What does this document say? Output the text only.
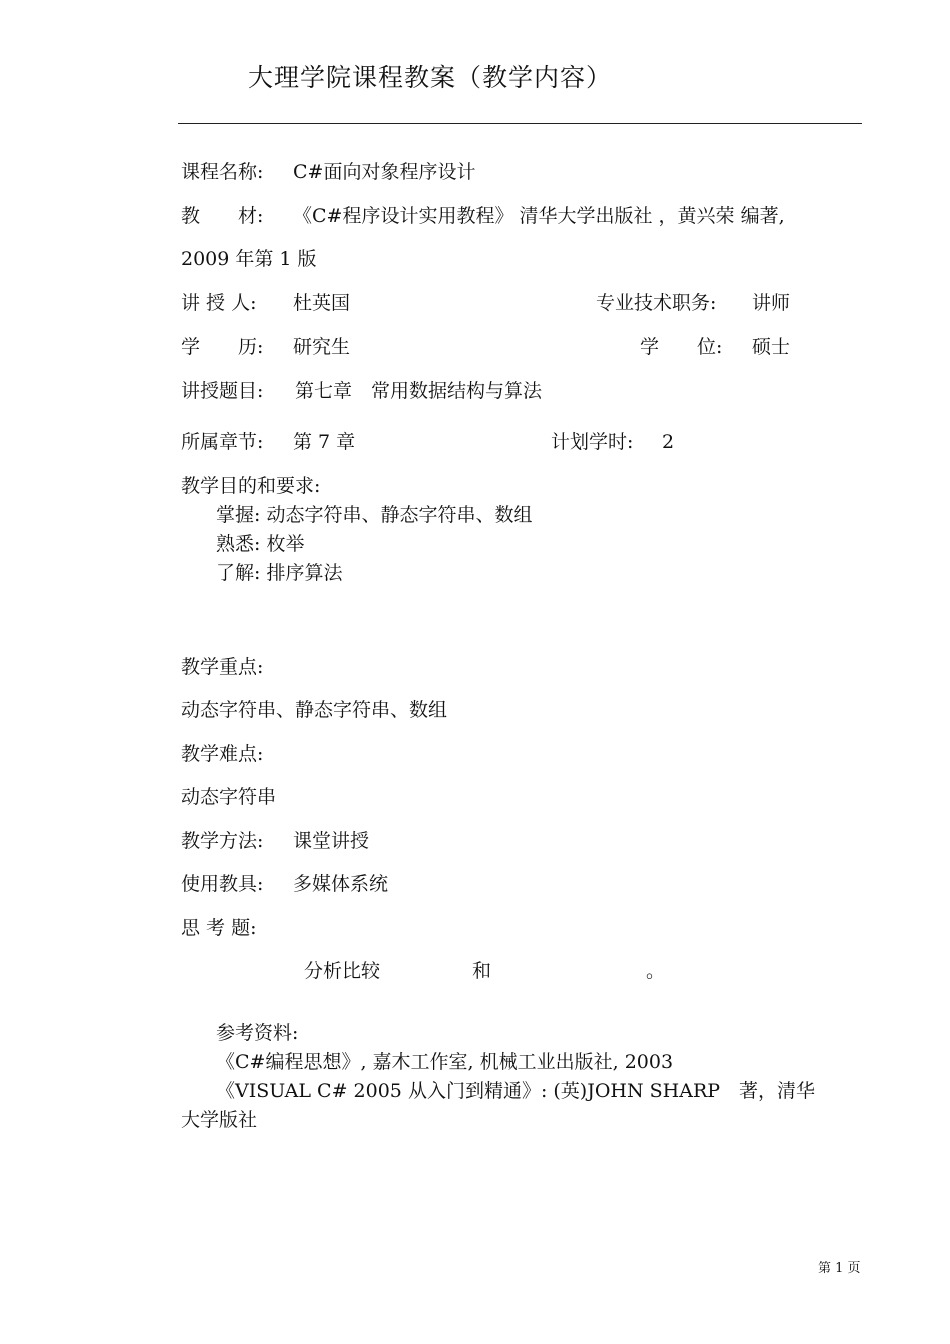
大理学院课程教案（教学内容）
课程名称: C#面向对象程序设计
教　　材: 《C#程序设计实用教程》 清华大学出版社 ，黄兴荣 编著,
2009 年第 1 版
讲 授 人: 杜英国	专业技术职务: 讲师
学　　历: 研究生	学　　位: 硕士
讲授题目: 第七章　常用数据结构与算法
所属章节: 第 7 章	计划学时: 2
教学目的和要求:
掌握: 动态字符串、静态字符串、数组
熟悉: 枚举
了解: 排序算法
教学重点:
动态字符串、静态字符串、数组
教学难点:
动态字符串
教学方法: 课堂讲授
使用教具: 多媒体系统
思 考 题:
分析比较	和	。
参考资料:
《C#编程思想》, 嘉木工作室, 机械工业出版社, 2003
《VISUAL C# 2005 从入门到精通》: (英)JOHN SHARP　著，清华
大学版社
第 1 页
